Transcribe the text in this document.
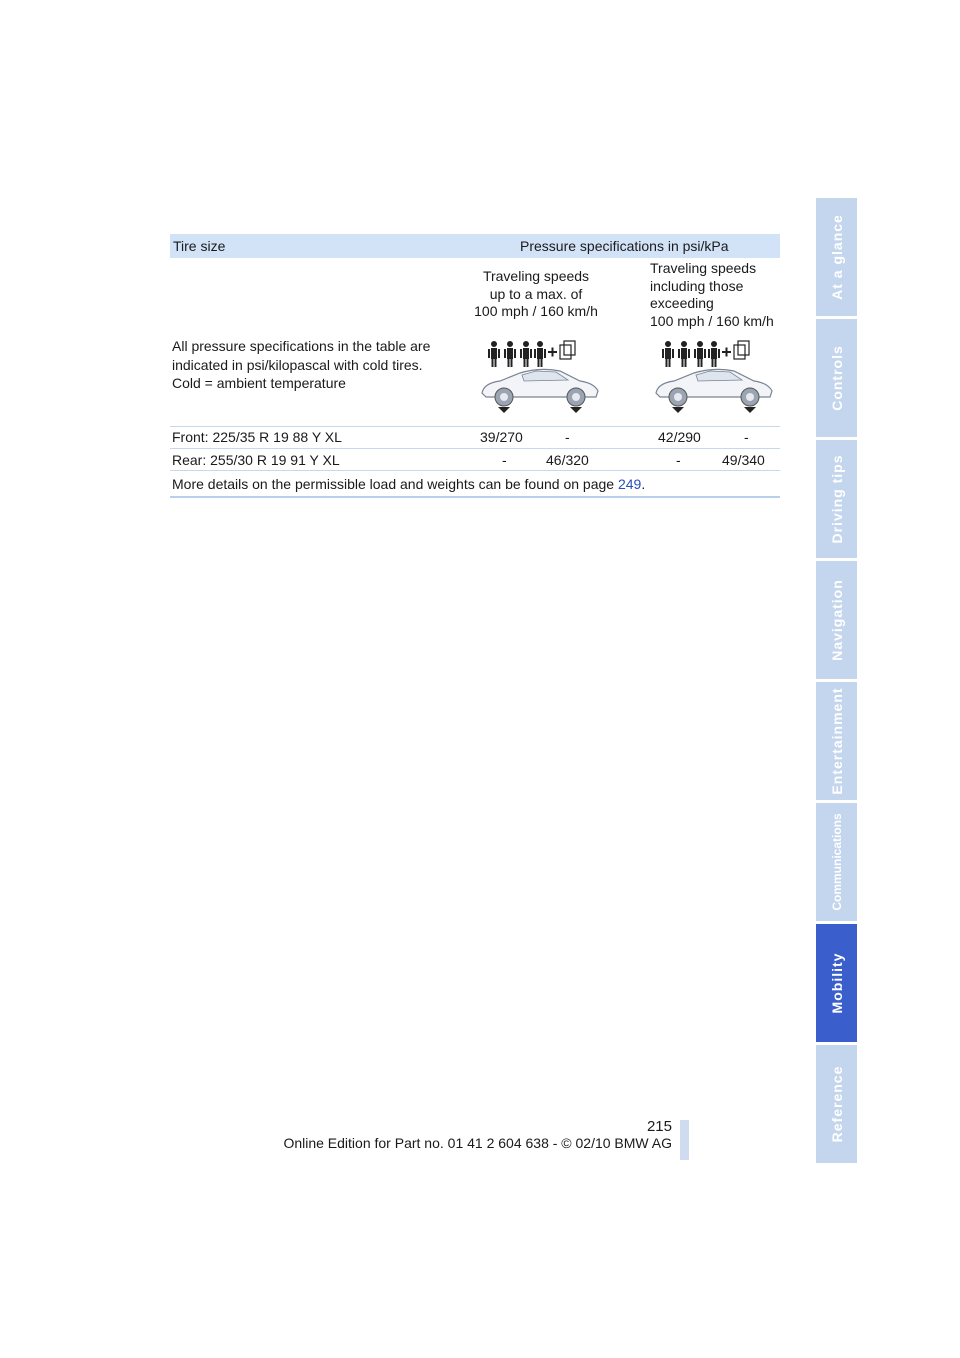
Tire size	Pressure specifications in psi/kPa
Traveling speeds
up to a max. of
100 mph / 160 km/h
Traveling speeds
including those
exceeding
100 mph / 160 km/h
All pressure specifications in the table are
indicated in psi/kilopascal with cold tires.
Cold = ambient temperature
Front: 225/35 R 19 88 Y XL	39/270	-	42/290	-
Rear: 255/30 R 19 91 Y XL	-	46/320	-	49/340
More details on the permissible load and weights can be found on page 249.
At a glance
Controls
Driving tips
Navigation
Entertainment
Communications
Mobility
Reference
215
Online Edition for Part no. 01 41 2 604 638 - © 02/10 BMW AG
